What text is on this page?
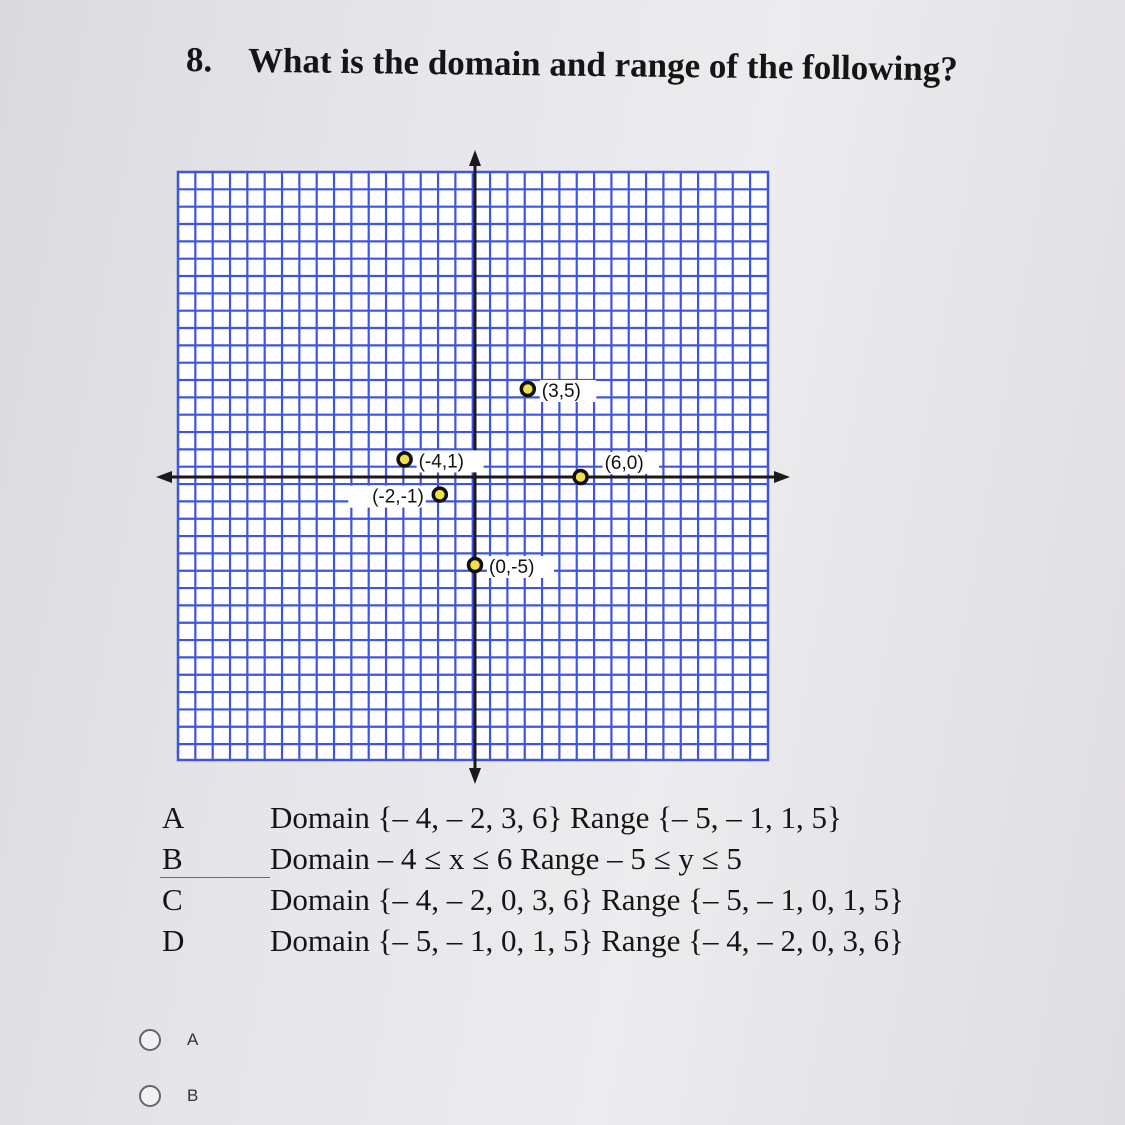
8. What is the domain and range of the following?
(3,5)
(-4,1)	(6,0)
(-2,-1)
(0,-5)
A	Domain {– 4, – 2, 3, 6} Range {– 5, – 1, 1, 5}
B	Domain – 4 ≤ x ≤ 6 Range – 5 ≤ y ≤ 5
C	Domain {– 4, – 2, 0, 3, 6} Range {– 5, – 1, 0, 1, 5}
D	Domain {– 5, – 1, 0, 1, 5} Range {– 4, – 2, 0, 3, 6}
A
B
